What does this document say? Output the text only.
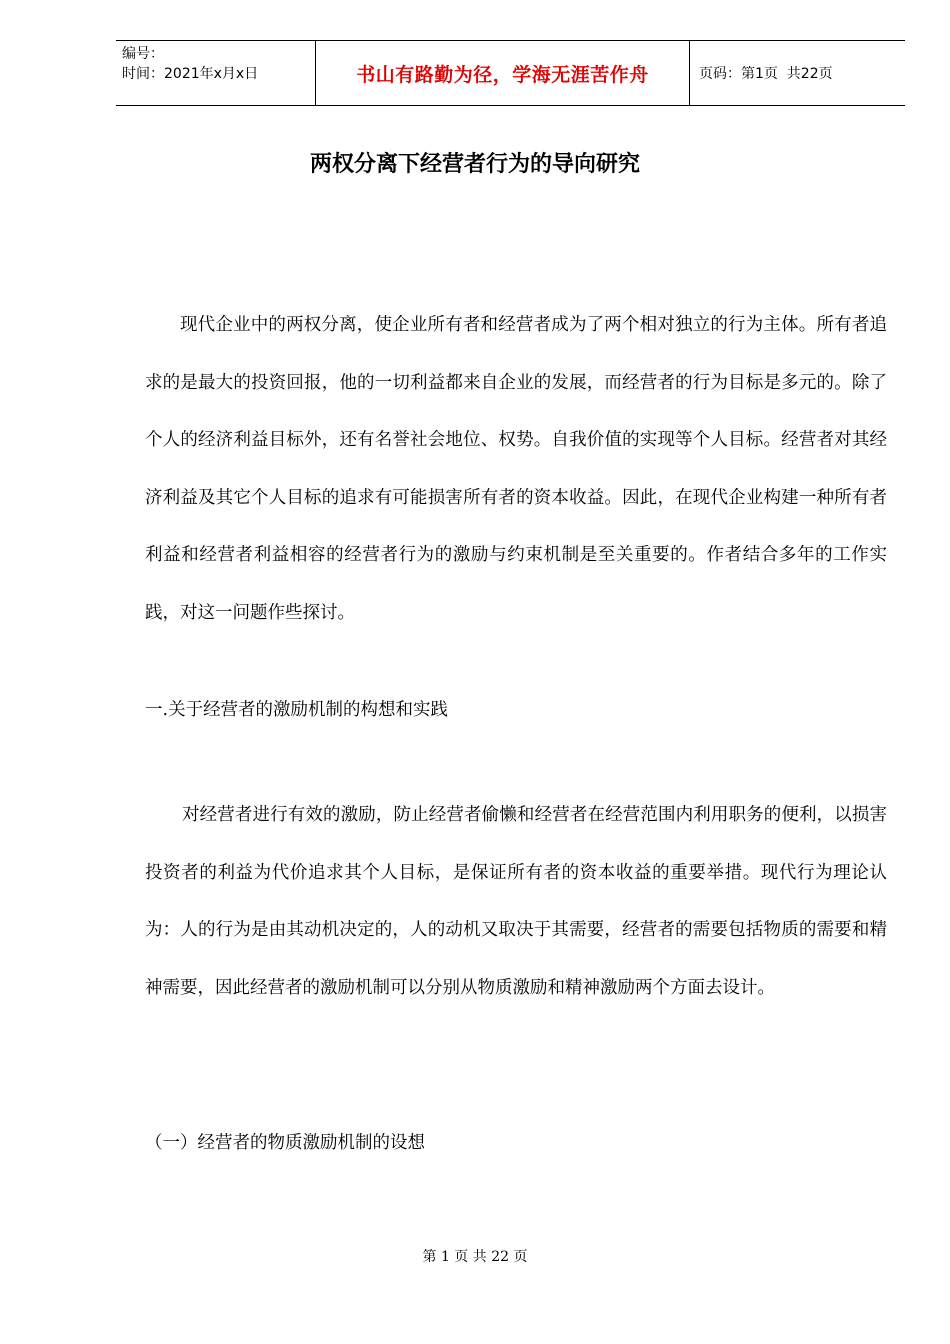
编号：
时间：2021年x月x日	书山有路勤为径，学海无涯苦作舟	页码：第1页  共22页
两权分离下经营者行为的导向研究

现代企业中的两权分离，使企业所有者和经营者成为了两个相对独立的行为主体。所有者追求的是最大的投资回报，他的一切利益都来自企业的发展，而经营者的行为目标是多元的。除了个人的经济利益目标外，还有名誉社会地位、权势。自我价值的实现等个人目标。经营者对其经济利益及其它个人目标的追求有可能损害所有者的资本收益。因此，在现代企业构建一种所有者利益和经营者利益相容的经营者行为的激励与约束机制是至关重要的。作者结合多年的工作实践，对这一问题作些探讨。

一.关于经营者的激励机制的构想和实践

对经营者进行有效的激励，防止经营者偷懒和经营者在经营范围内利用职务的便利，以损害投资者的利益为代价追求其个人目标，是保证所有者的资本收益的重要举措。现代行为理论认为：人的行为是由其动机决定的，人的动机又取决于其需要，经营者的需要包括物质的需要和精神需要，因此经营者的激励机制可以分别从物质激励和精神激励两个方面去设计。

（一）经营者的物质激励机制的设想
第 1 页 共 22 页
